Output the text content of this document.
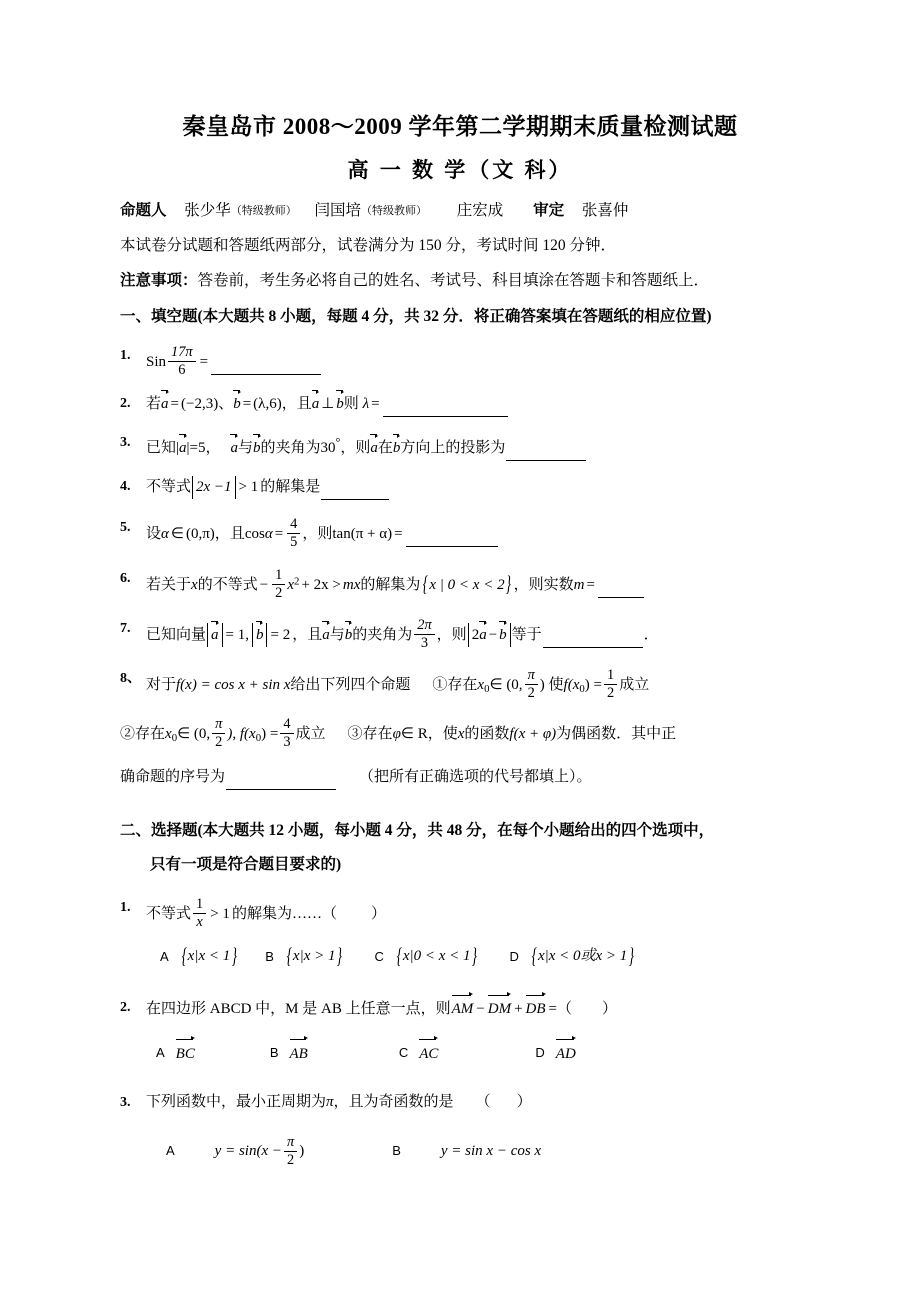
秦皇岛市 2008～2009 学年第二学期期末质量检测试题
高 一 数 学（文 科）
命题人 张少华（特级教师） 闫国培（特级教师） 庄宏成 审定 张喜仲
本试卷分试题和答题纸两部分，试卷满分为 150 分，考试时间 120 分钟．
注意事项：答卷前，考生务必将自己的姓名、考试号、科目填涂在答题卡和答题纸上．
一、填空题(本大题共 8 小题，每题 4 分，共 32 分．将正确答案填在答题纸的相应位置)
1.	Sin $\frac{17\pi}{6}$ =
2.	若a = (−2,3)、b = (λ,6)，且a ⊥ b则 λ =
3.	已知|a|=5， a与b的夹角为30°，则a在b方向上的投影为
4.	不等式 2x −1 > 1 的解集是
5.	设α ∈ (0,π)，且$\cos\alpha = \frac{4}{5}$ ，则tan(π + α) =
6.	若关于x的不等式 − $\frac{1}{2} x^2 + 2x$ > mx的解集为 { x | 0 < x < 2 } ，则实数m =
7.	已知向量 a = 1, b = 2 ，且a与b的夹角为 $\frac{2\pi}{3}$ ，则 2a − b 等于	．
8、 对于f(x) = cos x + sin x给出下列四个命题 ①存在$x_0\in$ (0, $\frac{\pi}{2}$ ) 使$f(x_0) = \frac{1}{2}$ 成立
②存在$x_0\in$ (0, $\frac{\pi}{2}$ ), $f(x_0) = \frac{4}{3}$ 成立 ③存在φ∈ R，使x的函数f(x + φ)为偶函数．其中正
确命题的序号为	（把所有正确选项的代号都填上）。
二、选择题(本大题共 12 小题，每小题 4 分，共 48 分，在每个小题给出的四个选项中，
只有一项是符合题目要求的)
1.	不等式 $\frac{1}{x} > 1$ 的解集为……（ ）
A	{ x|x < 1 }	B	{ x|x > 1 }	C	{ x|0 < x < 1 }	D	{ x|x < 0或x > 1 }
2.	在四边形 ABCD 中，M 是 AB 上任意一点，则AM − DM + DB =（ ）
A BC	B AB	C AC	D AD
3.	下列函数中，最小正周期为π，且为奇函数的是 （ ）
A	$y = \sin(x - \frac{\pi}{2}$ )	B	y = sin x − cos x
